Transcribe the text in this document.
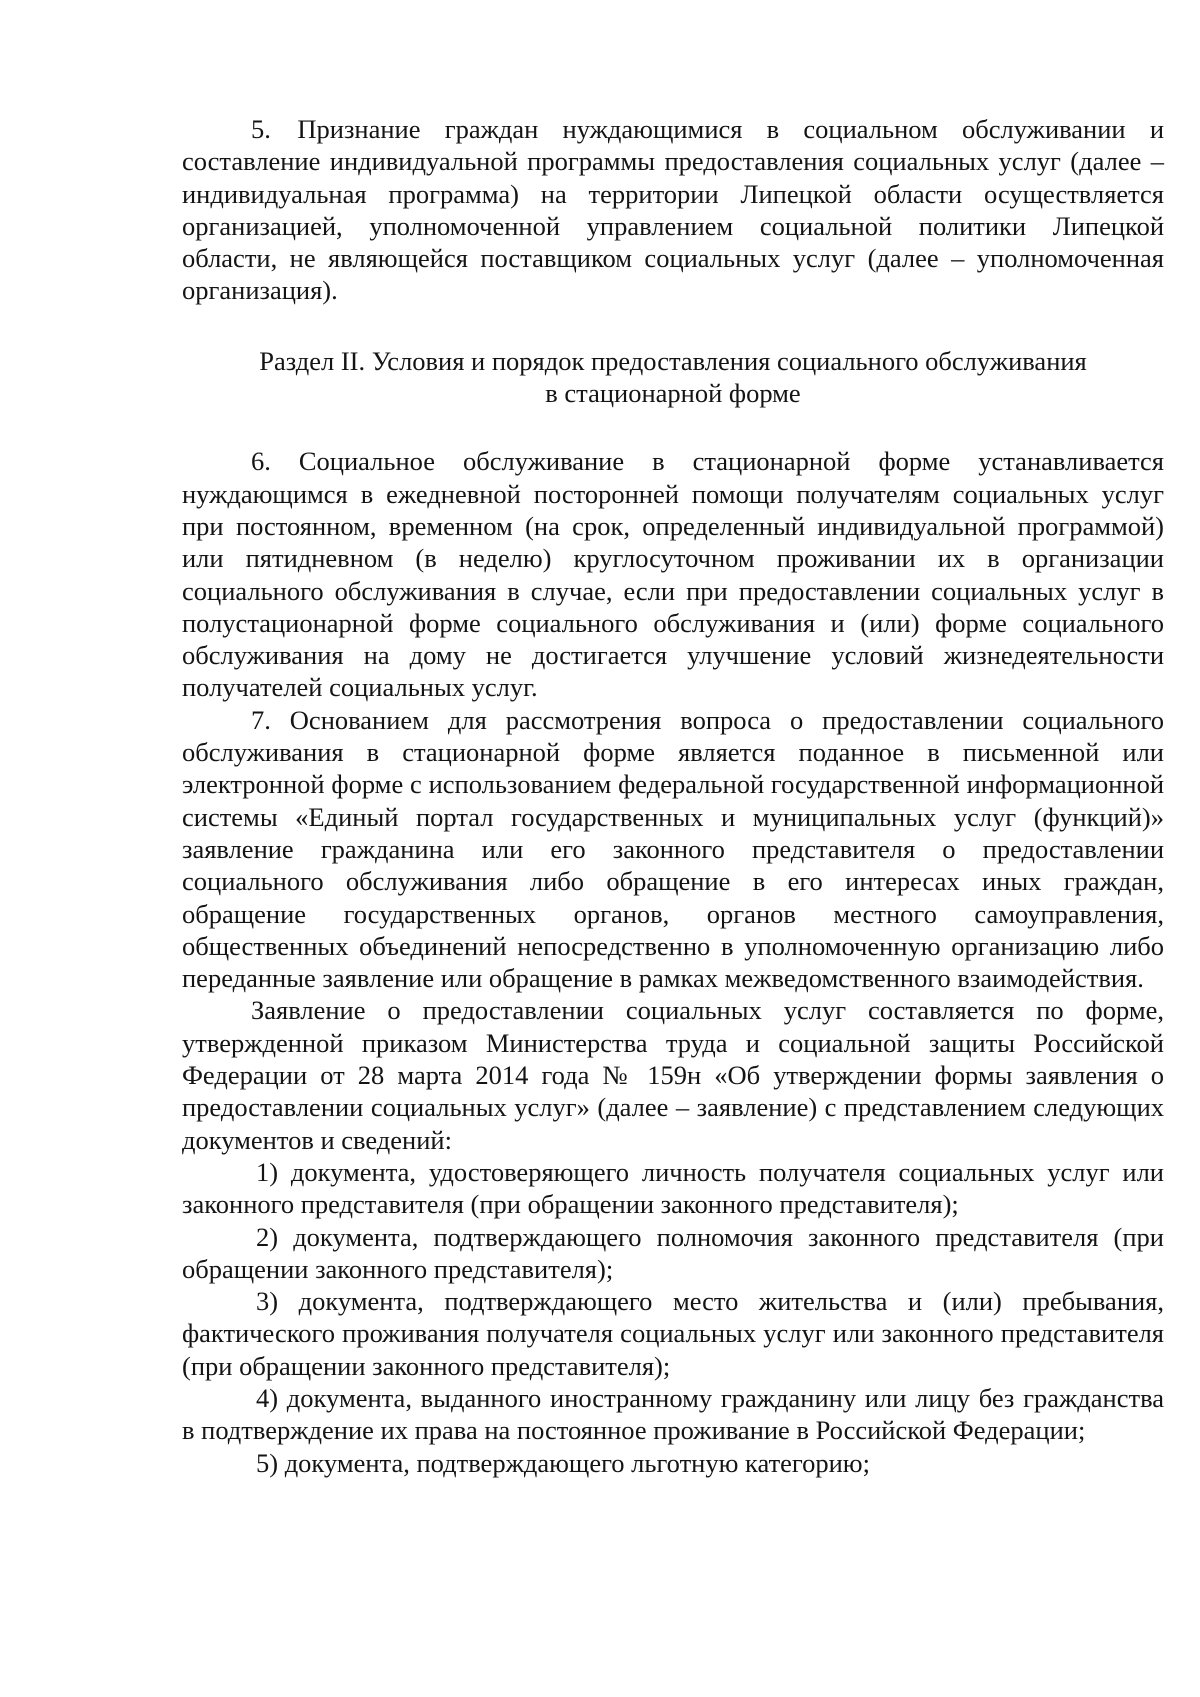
5. Признание граждан нуждающимися в социальном обслуживании и составление индивидуальной программы предоставления социальных услуг (далее – индивидуальная программа) на территории Липецкой области осуществляется организацией, уполномоченной управлением социальной политики Липецкой области, не являющейся поставщиком социальных услуг (далее – уполномоченная организация).

Раздел II. Условия и порядок предоставления социального обслуживания
в стационарной форме

6. Социальное обслуживание в стационарной форме устанавливается нуждающимся в ежедневной посторонней помощи получателям социальных услуг при постоянном, временном (на срок, определенный индивидуальной программой) или пятидневном (в неделю) круглосуточном проживании их в организации социального обслуживания в случае, если при предоставлении социальных услуг в полустационарной форме социального обслуживания и (или) форме социального обслуживания на дому не достигается улучшение условий жизнедеятельности получателей социальных услуг.

7. Основанием для рассмотрения вопроса о предоставлении социального обслуживания в стационарной форме является поданное в письменной или электронной форме с использованием федеральной государственной информационной системы «Единый портал государственных и муниципальных услуг (функций)» заявление гражданина или его законного представителя о предоставлении социального обслуживания либо обращение в его интересах иных граждан, обращение государственных органов, органов местного самоуправления, общественных объединений непосредственно в уполномоченную организацию либо переданные заявление или обращение в рамках межведомственного взаимодействия.

Заявление о предоставлении социальных услуг составляется по форме, утвержденной приказом Министерства труда и социальной защиты Российской Федерации от 28 марта 2014 года № 159н «Об утверждении формы заявления о предоставлении социальных услуг» (далее – заявление) с представлением следующих документов и сведений:

1) документа, удостоверяющего личность получателя социальных услуг или законного представителя (при обращении законного представителя);

2) документа, подтверждающего полномочия законного представителя (при обращении законного представителя);

3) документа, подтверждающего место жительства и (или) пребывания, фактического проживания получателя социальных услуг или законного представителя (при обращении законного представителя);

4) документа, выданного иностранному гражданину или лицу без гражданства в подтверждение их права на постоянное проживание в Российской Федерации;

5) документа, подтверждающего льготную категорию;
